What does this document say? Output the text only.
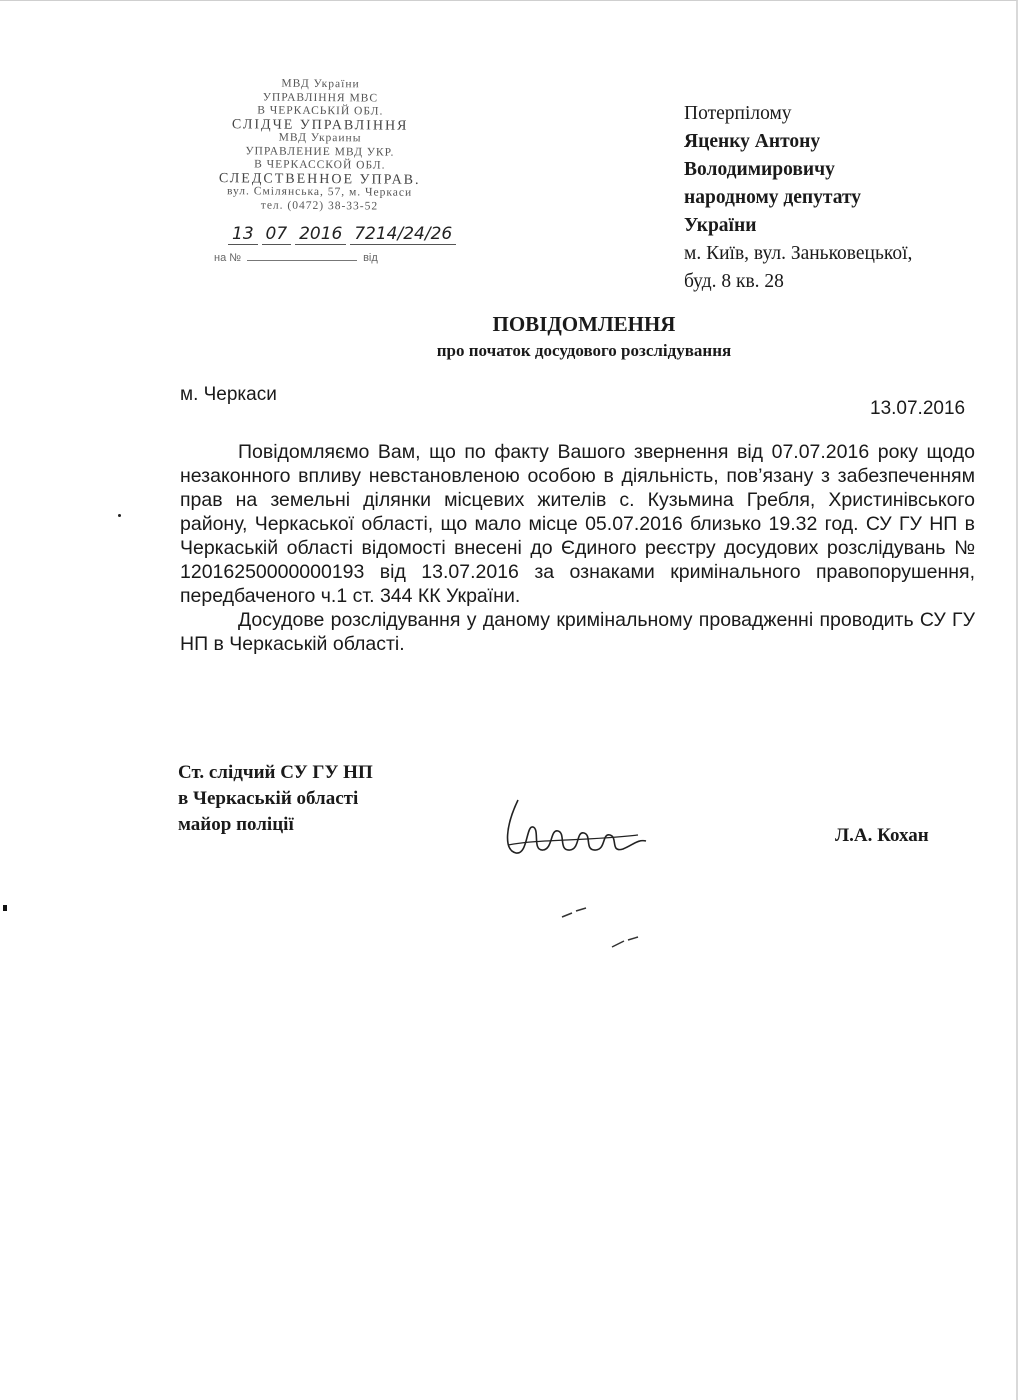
МВД України
УПРАВЛІННЯ МВС
В ЧЕРКАСЬКІЙ ОБЛ.
СЛІДЧЕ УПРАВЛІННЯ
МВД Украины
УПРАВЛЕНИЕ МВД УКР.
В ЧЕРКАССКОЙ ОБЛ.
СЛЕДСТВЕННОЕ УПРАВ.
вул. Смілянська, 57, м. Черкаси
тел. (0472) 38-33-52
13 07 2016 7214/24/26
на №	від
Потерпілому
Яценку Антону
Володимировичу
народному депутату
України
м. Київ, вул. Заньковецької,
буд. 8 кв. 28
ПОВІДОМЛЕННЯ
про початок досудового розслідування
м. Черкаси
13.07.2016

Повідомляємо Вам, що по факту Вашого звернення від 07.07.2016 року щодо незаконного впливу невстановленою особою в діяльність, пов’язану з забезпеченням прав на земельні ділянки місцевих жителів с. Кузьмина Гребля, Христинівського району, Черкаської області, що мало місце 05.07.2016 близько 19.32 год. СУ ГУ НП в Черкаській області відомості внесені до Єдиного реєстру досудових розслідувань № 12016250000000193 від 13.07.2016 за ознаками кримінального правопорушення, передбаченого ч.1 ст. 344 КК України.

Досудове розслідування у даному кримінальному провадженні проводить СУ ГУ НП в Черкаській області.

Ст. слідчий СУ ГУ НП
в Черкаській області
майор поліції
Л.А. Кохан
